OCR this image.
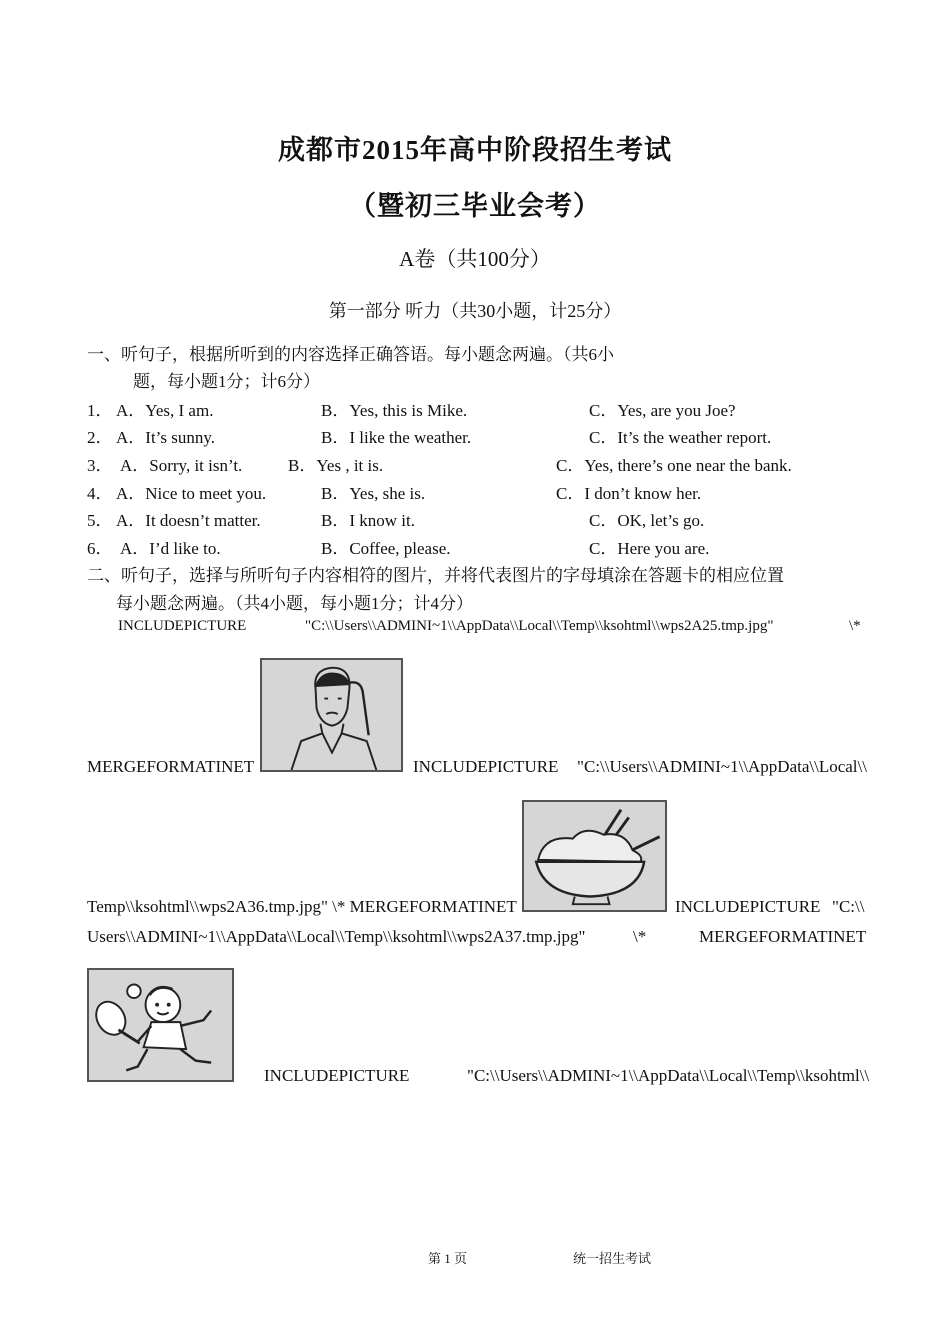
成都市2015年高中阶段招生考试
（暨初三毕业会考）
A卷（共100分）
第一部分 听力（共30小题，计25分）
一、听句子，根据所听到的内容选择正确答语。每小题念两遍。（共6小
题，每小题1分；计6分）
1． A．Yes, I am.	B．Yes, this is Mike.	C．Yes, are you Joe?
2． A．It’s sunny.	B．I like the weather.	C．It’s the weather report.
3． A．Sorry, it isn’t.	B．Yes , it is.	C．Yes, there’s one near the bank.
4． A．Nice to meet you.	B．Yes, she is.	C．I don’t know her.
5． A．It doesn’t matter.	B．I know it.	C．OK, let’s go.
6． A．I’d like to.	B．Coffee, please.	C．Here you are.
二、听句子，选择与所听句子内容相符的图片，并将代表图片的字母填涂在答题卡的相应位置
每小题念两遍。（共4小题，每小题1分；计4分）
INCLUDEPICTURE	"C:\\Users\\ADMINI~1\\AppData\\Local\\Temp\\ksohtml\\wps2A25.tmp.jpg"	\*
MERGEFORMATINET	INCLUDEPICTURE "C:\\Users\\ADMINI~1\\AppData\\Local\\
Temp\\ksohtml\\wps2A36.tmp.jpg" \* MERGEFORMATINET	INCLUDEPICTURE "C:\\
Users\\ADMINI~1\\AppData\\Local\\Temp\\ksohtml\\wps2A37.tmp.jpg"	\*	MERGEFORMATINET
INCLUDEPICTURE	"C:\\Users\\ADMINI~1\\AppData\\Local\\Temp\\ksohtml\\
第 1 页	统一招生考试
